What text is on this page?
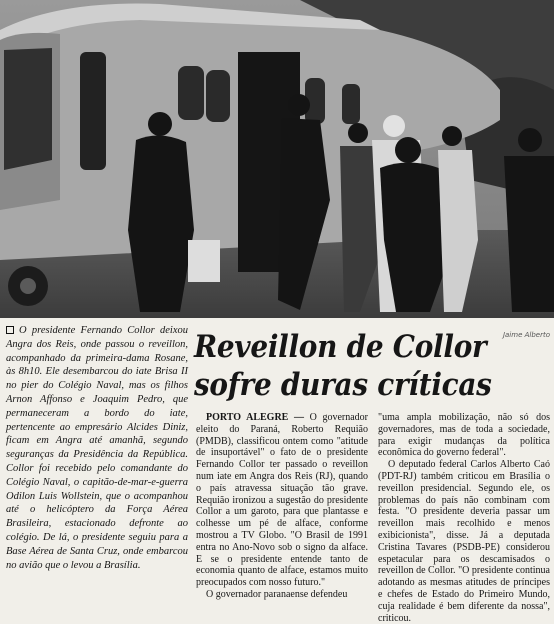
Jaime Alberto

O presidente Fernando Collor deixou Angra dos Reis, onde passou o reveillon, acompanhado da primeira-dama Rosane, às 8h10. Ele desembarcou do iate Brisa II no pier do Colégio Naval, mas os filhos Arnon Affonso e Joaquim Pedro, que permaneceram a bordo do iate, pertencente ao empresário Alcides Diniz, ficam em Angra até amanhã, segundo seguranças da Presidência da República. Collor foi recebido pelo comandante do Colégio Naval, o capitão-de-mar-e-guerra Odilon Luis Wollstein, que o acompanhou até o helicóptero da Força Aérea Brasileira, estacionado defronte ao colégio. De lá, o presidente seguiu para a Base Aérea de Santa Cruz, onde embarcou no avião que o levou a Brasília.

Reveillon de Collor
sofre duras críticas

PORTO ALEGRE — O governador eleito do Paraná, Roberto Requião (PMDB), classificou ontem como "atitude de insuportável" o fato de o presidente Fernando Collor ter passado o reveillon num iate em Angra dos Reis (RJ), quando o país atravessa situação tão grave. Requião ironizou a sugestão do presidente Collor a um garoto, para que plantasse e colhesse um pé de alface, conforme mostrou a TV Globo. "O Brasil de 1991 entra no Ano-Novo sob o signo da alface. E se o presidente entende tanto de economia quanto de alface, estamos muito preocupados com nosso futuro."

O governador paranaense defendeu

"uma ampla mobilização, não só dos governadores, mas de toda a sociedade, para exigir mudanças da política econômica do governo federal".

O deputado federal Carlos Alberto Caó (PDT-RJ) também criticou em Brasília o reveillon presidencial. Segundo ele, os problemas do país não combinam com festa. "O presidente deveria passar um reveillon mais recolhido e menos exibicionista", disse. Já a deputada Cristina Tavares (PSDB-PE) considerou espetacular para os descamisados o reveillon de Collor. "O presidente continua adotando as mesmas atitudes de príncipes e chefes de Estado do Primeiro Mundo, cuja realidade é bem diferente da nossa", criticou.
